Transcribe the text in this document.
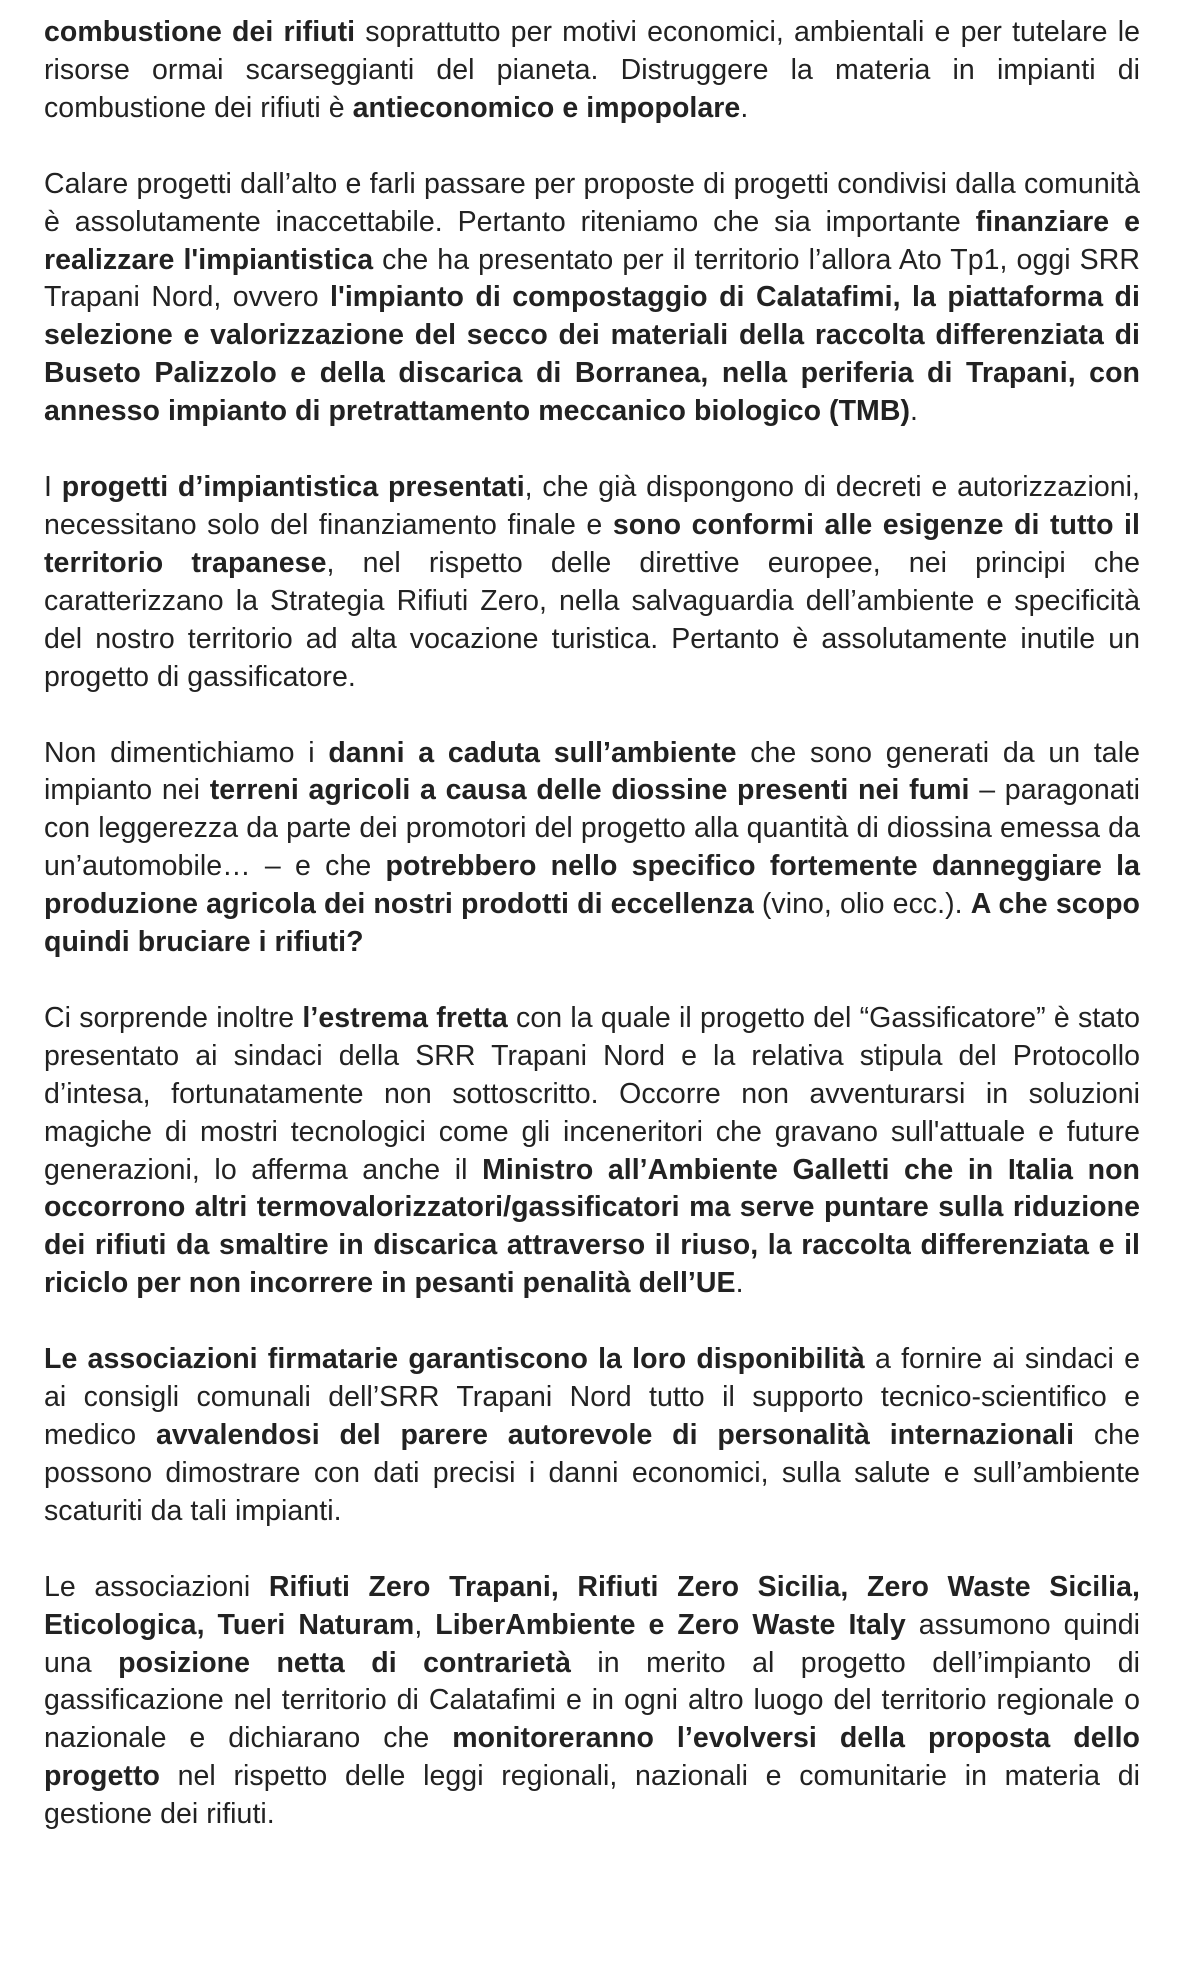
combustione dei rifiuti soprattutto per motivi economici, ambientali e per tutelare le risorse ormai scarseggianti del pianeta. Distruggere la materia in impianti di combustione dei rifiuti è antieconomico e impopolare.

Calare progetti dall’alto e farli passare per proposte di progetti condivisi dalla comunità è assolutamente inaccettabile. Pertanto riteniamo che sia importante finanziare e realizzare l'impiantistica che ha presentato per il territorio l’allora Ato Tp1, oggi SRR Trapani Nord, ovvero l'impianto di compostaggio di Calatafimi, la piattaforma di selezione e valorizzazione del secco dei materiali della raccolta differenziata di Buseto Palizzolo e della discarica di Borranea, nella periferia di Trapani, con annesso impianto di pretrattamento meccanico biologico (TMB).

I progetti d’impiantistica presentati, che già dispongono di decreti e autorizzazioni, necessitano solo del finanziamento finale e sono conformi alle esigenze di tutto il territorio trapanese, nel rispetto delle direttive europee, nei principi che caratterizzano la Strategia Rifiuti Zero, nella salvaguardia dell’ambiente e specificità del nostro territorio ad alta vocazione turistica. Pertanto è assolutamente inutile un progetto di gassificatore.

Non dimentichiamo i danni a caduta sull’ambiente che sono generati da un tale impianto nei terreni agricoli a causa delle diossine presenti nei fumi – paragonati con leggerezza da parte dei promotori del progetto alla quantità di diossina emessa da un’automobile… – e che potrebbero nello specifico fortemente danneggiare la produzione agricola dei nostri prodotti di eccellenza (vino, olio ecc.). A che scopo quindi bruciare i rifiuti?

Ci sorprende inoltre l’estrema fretta con la quale il progetto del “Gassificatore” è stato presentato ai sindaci della SRR Trapani Nord e la relativa stipula del Protocollo d’intesa, fortunatamente non sottoscritto. Occorre non avventurarsi in soluzioni magiche di mostri tecnologici come gli inceneritori che gravano sull'attuale e future generazioni, lo afferma anche il Ministro all’Ambiente Galletti che in Italia non occorrono altri termovalorizzatori/gassificatori ma serve puntare sulla riduzione dei rifiuti da smaltire in discarica attraverso il riuso, la raccolta differenziata e il riciclo per non incorrere in pesanti penalità dell’UE.

Le associazioni firmatarie garantiscono la loro disponibilità a fornire ai sindaci e ai consigli comunali dell’SRR Trapani Nord tutto il supporto tecnico-scientifico e medico avvalendosi del parere autorevole di personalità internazionali che possono dimostrare con dati precisi i danni economici, sulla salute e sull’ambiente scaturiti da tali impianti.

Le associazioni Rifiuti Zero Trapani, Rifiuti Zero Sicilia, Zero Waste Sicilia, Eticologica, Tueri Naturam, LiberAmbiente e Zero Waste Italy assumono quindi una posizione netta di contrarietà in merito al progetto dell’impianto di gassificazione nel territorio di Calatafimi e in ogni altro luogo del territorio regionale o nazionale e dichiarano che monitoreranno l’evolversi della proposta dello progetto nel rispetto delle leggi regionali, nazionali e comunitarie in materia di gestione dei rifiuti.
